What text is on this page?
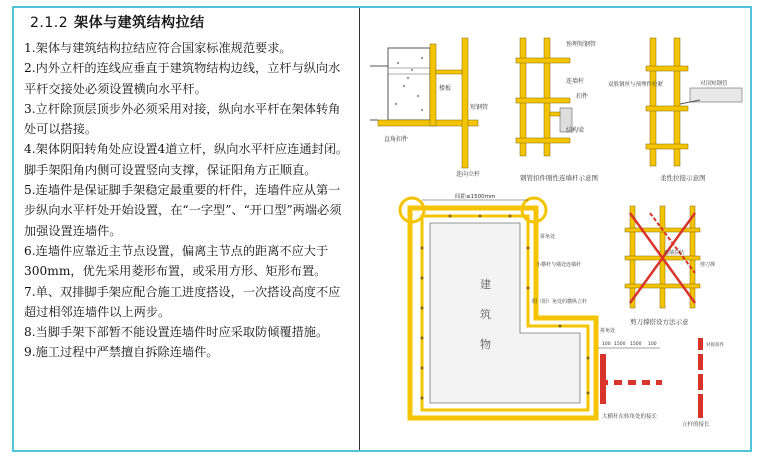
2.1.2 架体与建筑结构拉结

1.架体与建筑结构拉结应符合国家标准规范要求。

2.内外立杆的连线应垂直于建筑物结构边线，立杆与纵向水平杆交接处必须设置横向水平杆。

3.立杆除顶层顶步外必须采用对接，纵向水平杆在架体转角处可以搭接。

4.架体阴阳转角处应设置4道立杆，纵向水平杆应连通封闭。脚手架阳角内侧可设置竖向支撑，保证阳角方正顺直。

5.连墙件是保证脚手架稳定最重要的杆件，连墙件应从第一步纵向水平杆处开始设置，在“一字型”、“开口型”两端必须加强设置连墙件。

6.连墙件应靠近主节点设置，偏离主节点的距离不应大于300mm，优先采用菱形布置，或采用方形、矩形布置。

7.单、双排脚手架应配合施工进度搭设，一次搭设高度不应超过相邻连墙件以上两步。

8.当脚手架下部暂不能设置连墙件时应采取防倾覆措施。

9.施工过程中严禁擅自拆除连墙件。

楼板
直角扣件
短钢管
连向立杆
预埋短钢管
连墙杆
扣件
结构梁
钢管扣件刚性连墙杆示意图
双股钢丝与预埋件拉紧	对顶短钢管
柔性拉接示意图
间距≤1500mm
拼角处
小横杆与墙处连墙杆
建
筑
物
阴（阳）角处的横纵立杆
拼角处
连墙拉结
剪刀撑
剪刀撑搭设方法示意
100 1500 1500 100
大横杆在转角处的接长
对接扣件
立杆的接长
